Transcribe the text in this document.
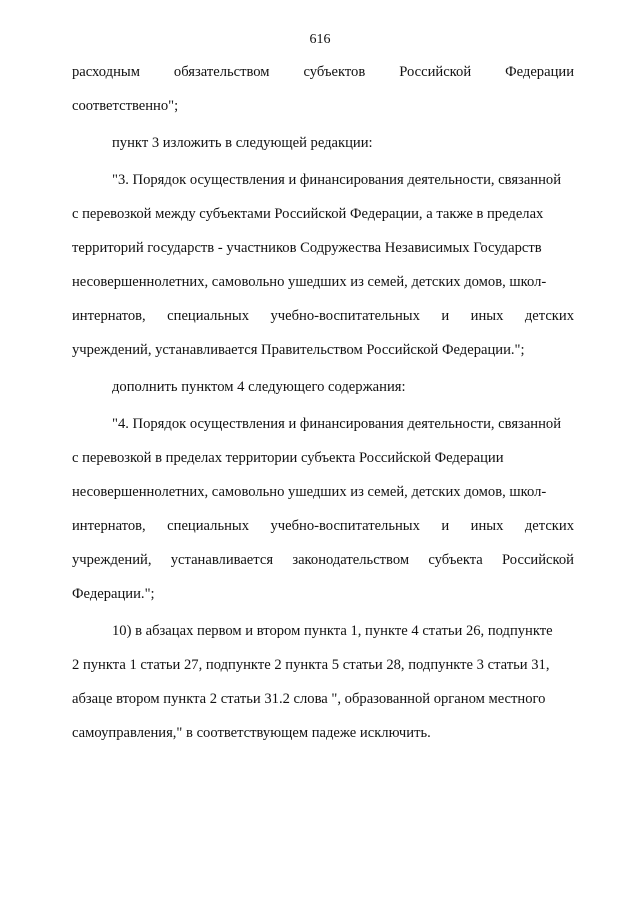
616
расходным обязательством субъектов Российской Федерации
соответственно";
пункт 3 изложить в следующей редакции:
"3. Порядок осуществления и финансирования деятельности, связанной
с перевозкой между субъектами Российской Федерации, а также в пределах
территорий государств - участников Содружества Независимых Государств
несовершеннолетних, самовольно ушедших из семей, детских домов, школ-
интернатов, специальных учебно-воспитательных и иных детских
учреждений, устанавливается Правительством Российской Федерации.";
дополнить пунктом 4 следующего содержания:
"4. Порядок осуществления и финансирования деятельности, связанной
с перевозкой в пределах территории субъекта Российской Федерации
несовершеннолетних, самовольно ушедших из семей, детских домов, школ-
интернатов, специальных учебно-воспитательных и иных детских
учреждений, устанавливается законодательством субъекта Российской
Федерации.";
10) в абзацах первом и втором пункта 1, пункте 4 статьи 26, подпункте
2 пункта 1 статьи 27, подпункте 2 пункта 5 статьи 28, подпункте 3 статьи 31,
абзаце втором пункта 2 статьи 31.2 слова ", образованной органом местного
самоуправления," в соответствующем падеже исключить.
